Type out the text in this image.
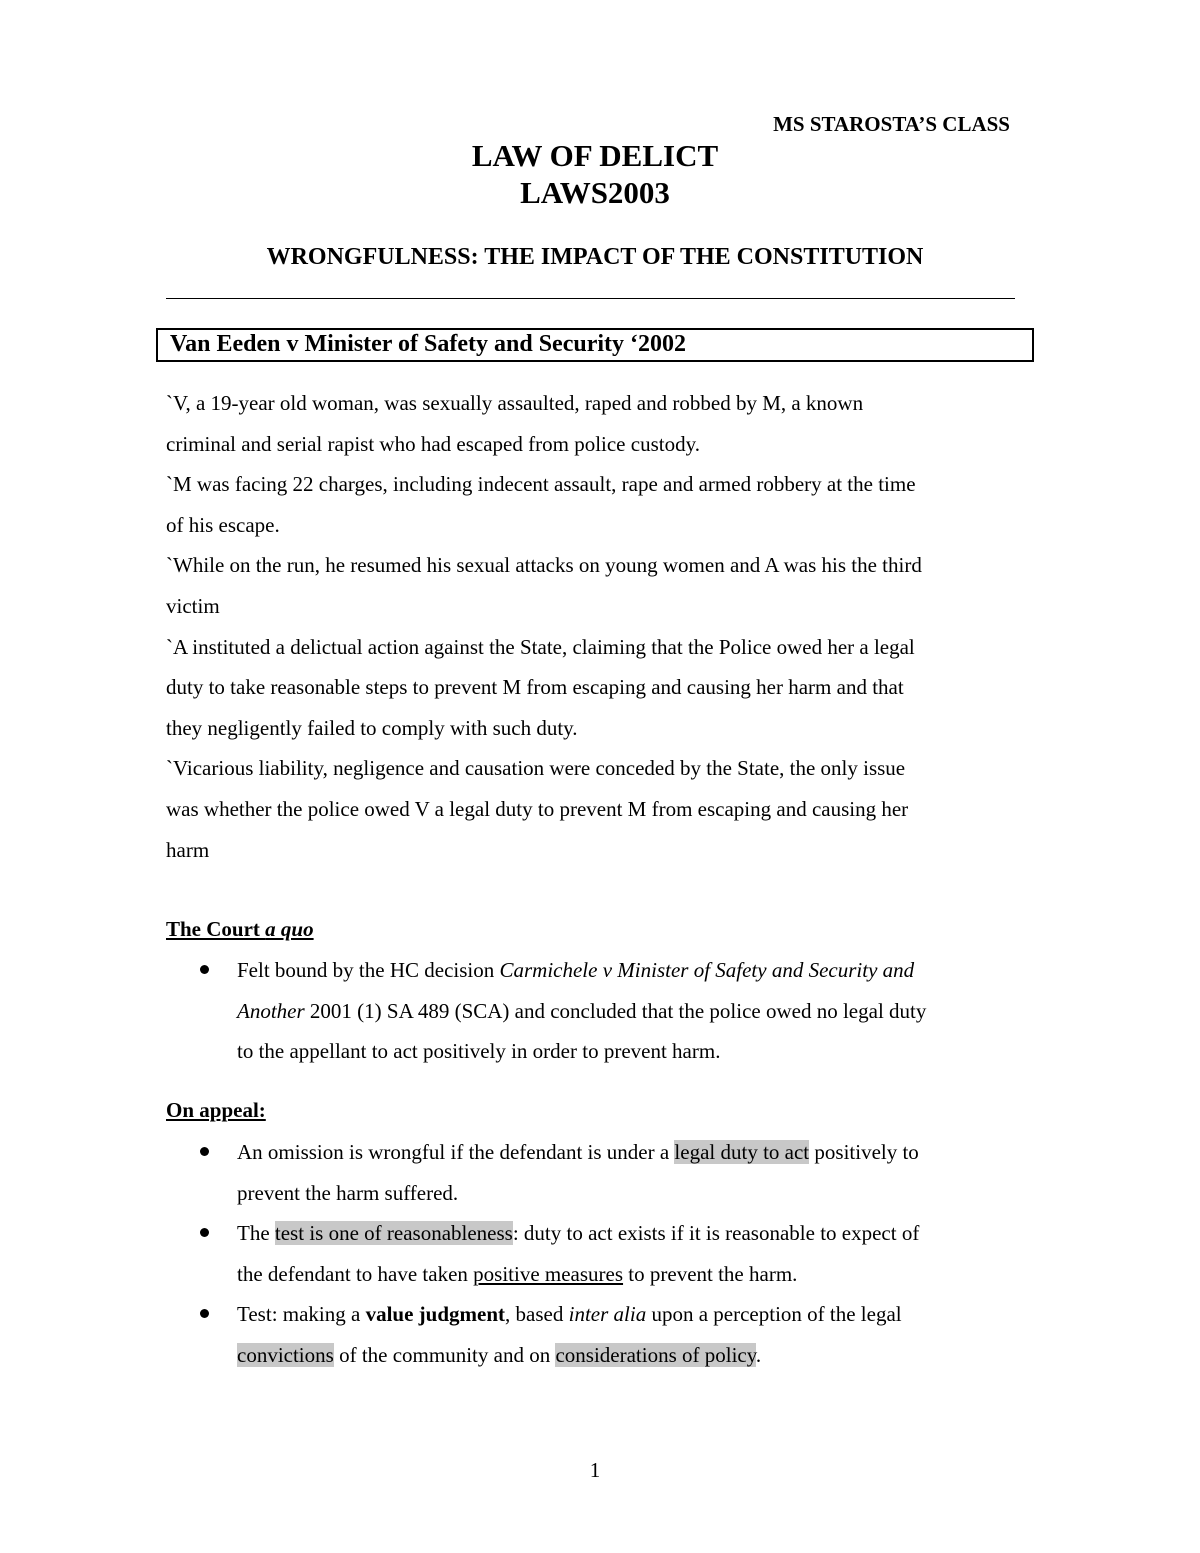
MS STAROSTA’S CLASS
LAW OF DELICT
LAWS2003
WRONGFULNESS: THE IMPACT OF THE CONSTITUTION
Van Eeden v Minister of Safety and Security ‘2002
`V, a 19-year old woman, was sexually assaulted, raped and robbed by M, a known
criminal and serial rapist who had escaped from police custody.
`M was facing 22 charges, including indecent assault, rape and armed robbery at the time
of his escape.
`While on the run, he resumed his sexual attacks on young women and A was his the third
victim
`A instituted a delictual action against the State, claiming that the Police owed her a legal
duty to take reasonable steps to prevent M from escaping and causing her harm and that
they negligently failed to comply with such duty.
`Vicarious liability, negligence and causation were conceded by the State, the only issue
was whether the police owed V a legal duty to prevent M from escaping and causing her
harm
The Court a quo
Felt bound by the HC decision Carmichele v Minister of Safety and Security and
Another 2001 (1) SA 489 (SCA) and concluded that the police owed no legal duty
to the appellant to act positively in order to prevent harm.
On appeal:
An omission is wrongful if the defendant is under a legal duty to act positively to
prevent the harm suffered.
The test is one of reasonableness: duty to act exists if it is reasonable to expect of
the defendant to have taken positive measures to prevent the harm.
Test: making a value judgment, based inter alia upon a perception of the legal
convictions of the community and on considerations of policy.
1
